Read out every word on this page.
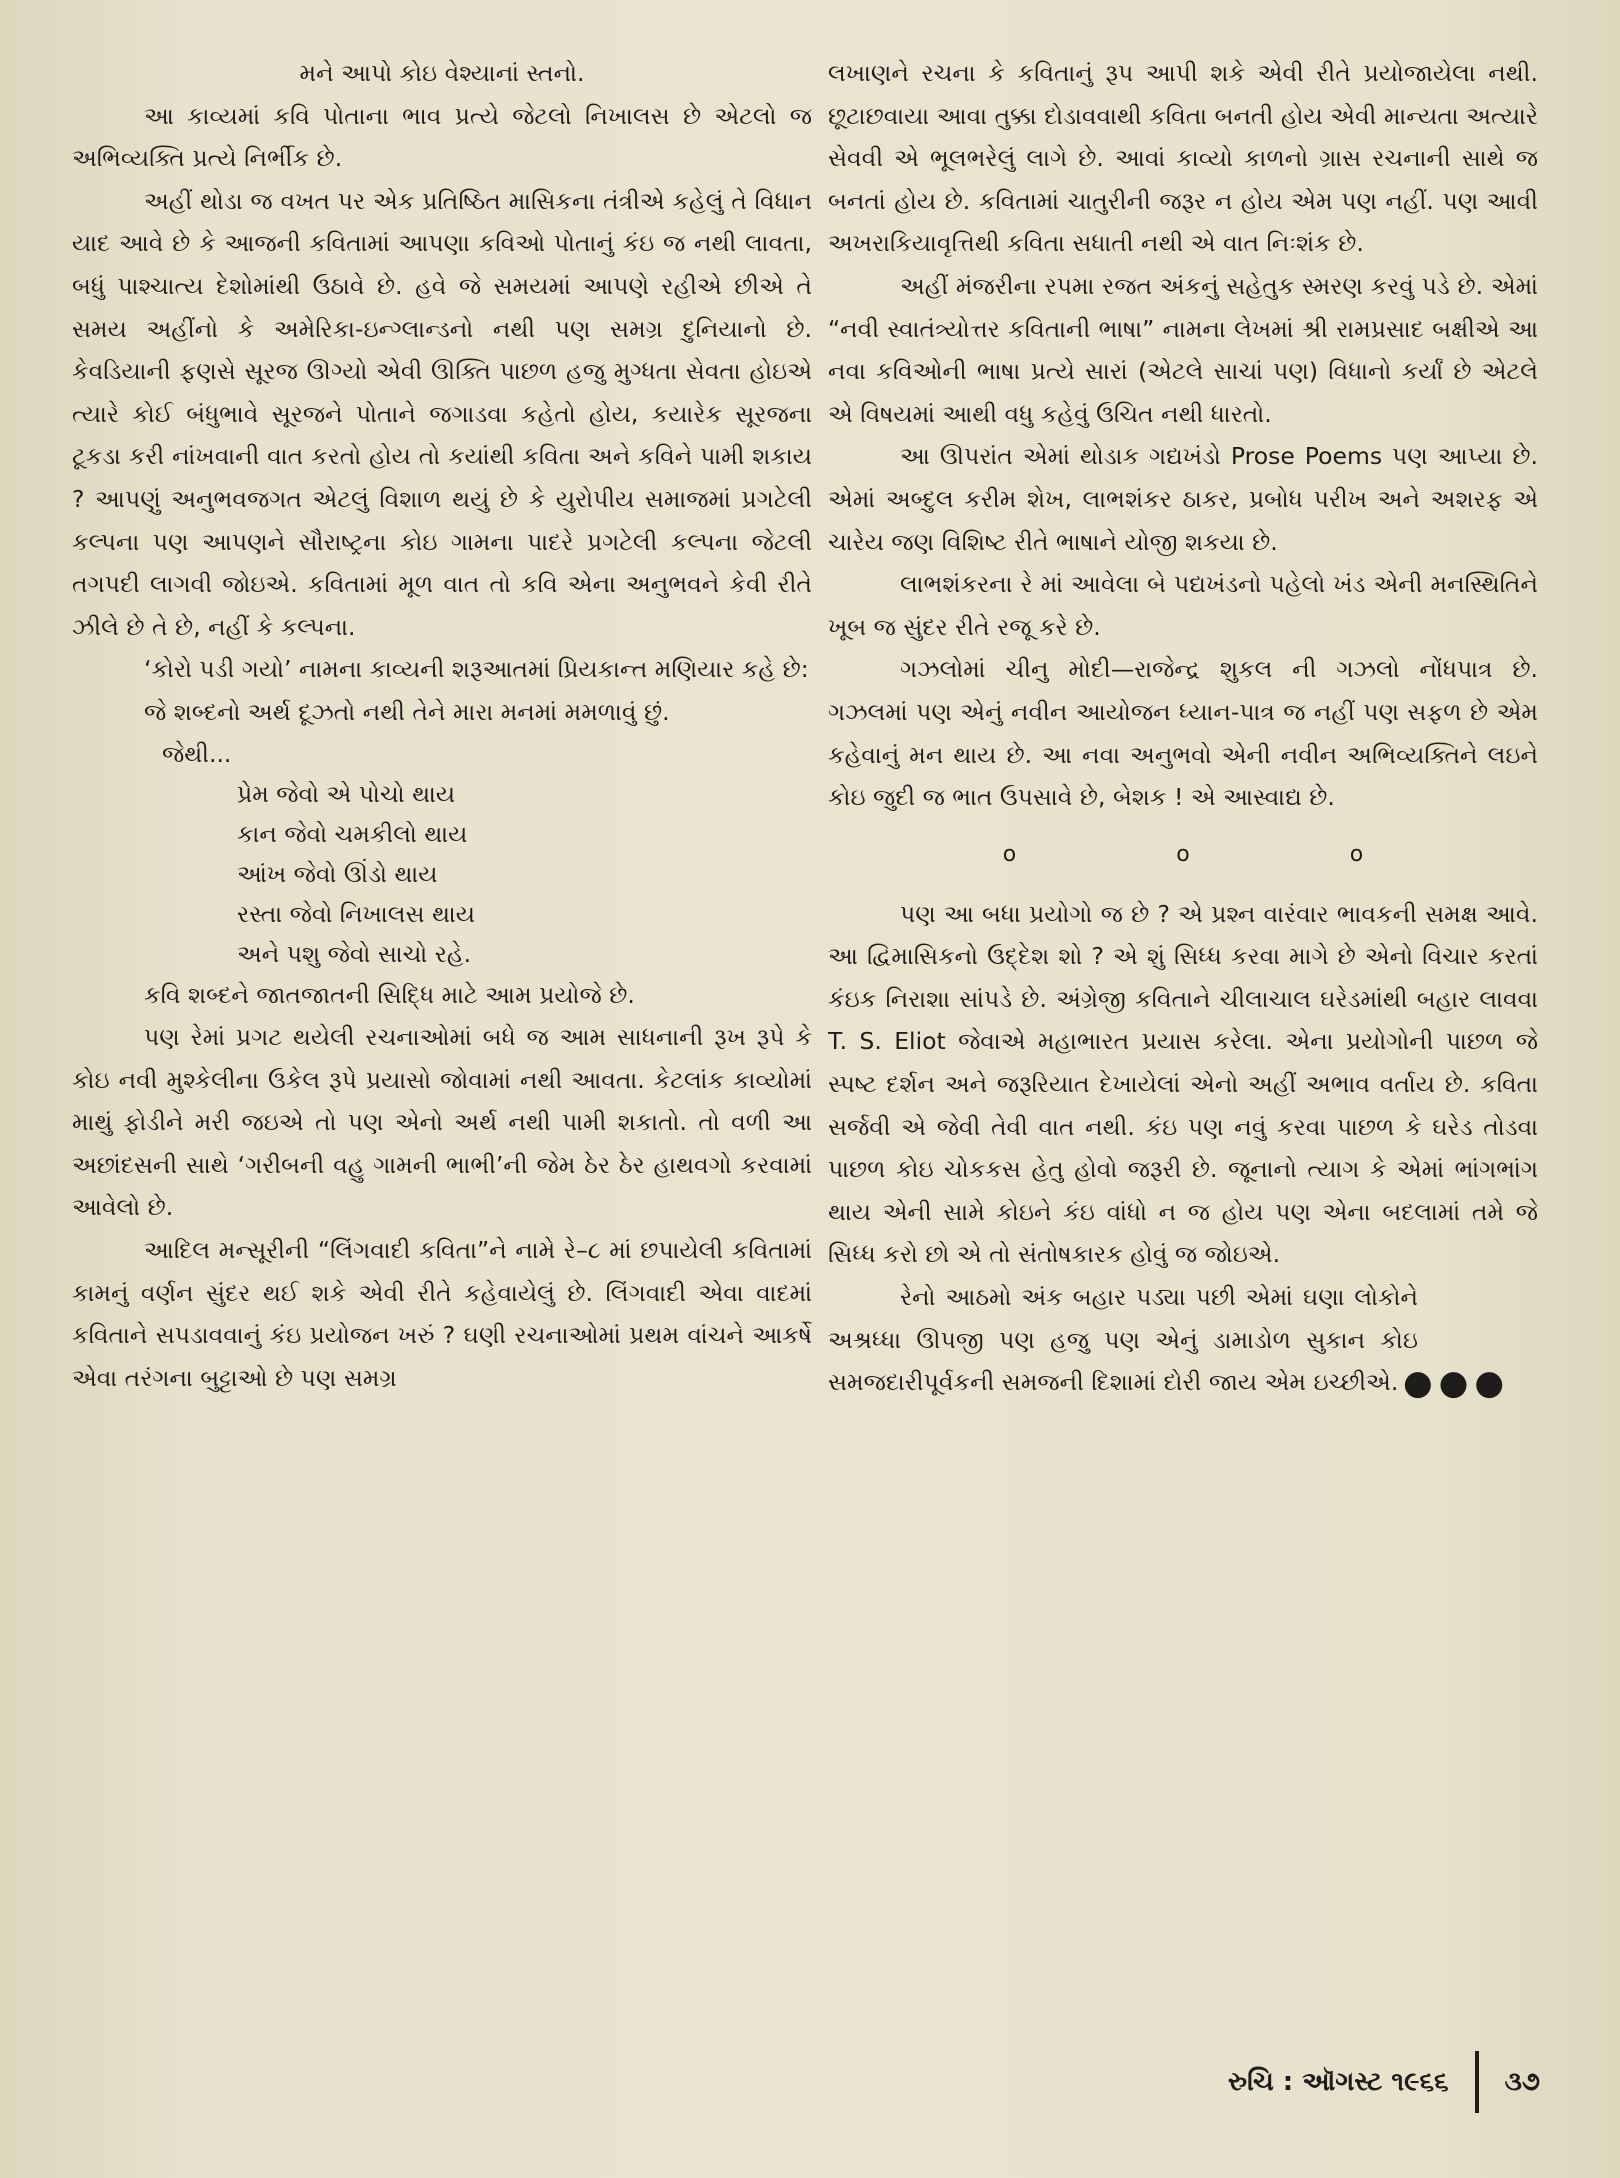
મને આપો કોઇ વેશ્યાનાં સ્તનો.

આ કાવ્યમાં કવિ પોતાના ભાવ પ્રત્યે જેટલો નિખાલસ છે એટલો જ અભિવ્યક્તિ પ્રત્યે નિર્ભીક છે.

અહીં થોડા જ વખત પર એક પ્રતિષ્ઠિત માસિકના તંત્રીએ કહેલું તે વિધાન યાદ આવે છે કે આજની કવિતામાં આપણા કવિઓ પોતાનું કંઇ જ નથી લાવતા, બધું પાશ્ચાત્ય દેશોમાંથી ઉઠાવે છે. હવે જે સમયમાં આપણે રહીએ છીએ તે સમય અહીંનો કે અમેરિકા-ઇન્ગ્લાન્ડનો નથી પણ સમગ્ર દુનિયાનો છે. કેવડિયાની ફણસે સૂરજ ઊગ્યો એવી ઊક્તિ પાછળ હજુ મુગ્ધતા સેવતા હોઇએ ત્યારે કોઈ બંધુભાવે સૂરજને પોતાને જગાડવા કહેતો હોય, કયારેક સૂરજના ટૂકડા કરી નાંખવાની વાત કરતો હોય તો કયાંથી કવિતા અને કવિને પામી શકાય ? આપણું અનુભવજગત એટલું વિશાળ થયું છે કે યુરોપીય સમાજમાં પ્રગટેલી કલ્પના પણ આપણને સૌરાષ્ટ્રના કોઇ ગામના પાદરે પ્રગટેલી કલ્પના જેટલી તગપદી લાગવી જોઇએ. કવિતામાં મૂળ વાત તો કવિ એના અનુભવને કેવી રીતે ઝીલે છે તે છે, નહીં કે કલ્પના.

‘કોરો પડી ગયો’ નામના કાવ્યની શરૂઆતમાં પ્રિયકાન્ત મણિયાર કહે છે:

જે શબ્દનો અર્થ દૂઝતો નથી તેને મારા મનમાં મમળાવું છું.

જેથી...

પ્રેમ જેવો એ પોચો થાય

કાન જેવો ચમકીલો થાય

આંખ જેવો ઊંડો થાય

રસ્તા જેવો નિખાલસ થાય

અને પશુ જેવો સાચો રહે.

કવિ શબ્દને જાતજાતની સિદ્ધિ માટે આમ પ્રયોજે છે.

પણ રેમાં પ્રગટ થયેલી રચનાઓમાં બધે જ આમ સાધનાની રૂખ રૂપે કે કોઇ નવી મુશ્કેલીના ઉકેલ રૂપે પ્રયાસો જોવામાં નથી આવતા. કેટલાંક કાવ્યોમાં માથું ફોડીને મરી જઇએ તો પણ એનો અર્થ નથી પામી શકાતો. તો વળી આ અછાંદસની સાથે ‘ગરીબની વહુ ગામની ભાભી’ની જેમ ઠેર ઠેર હાથવગો કરવામાં આવેલો છે.

આદિલ મન્સૂરીની “લિંગવાદી કવિતા”ને નામે રે–૮ માં છપાયેલી કવિતામાં કામનું વર્ણન સુંદર થઈ શકે એવી રીતે કહેવાયેલું છે. લિંગવાદી એવા વાદમાં કવિતાને સપડાવવાનું કંઇ પ્રયોજન ખરું ? ઘણી રચનાઓમાં પ્રથમ વાંચને આકર્ષે એવા તરંગના બુટ્ટાઓ છે પણ સમગ્ર

લખાણને રચના કે કવિતાનું રૂપ આપી શકે એવી રીતે પ્રયોજાયેલા નથી. છૂટાછવાયા આવા તુક્કા દોડાવવાથી કવિતા બનતી હોય એવી માન્યતા અત્યારે સેવવી એ ભૂલભરેલું લાગે છે. આવાં કાવ્યો કાળનો ગ્રાસ રચનાની સાથે જ બનતાં હોય છે. કવિતામાં ચાતુરીની જરૂર ન હોય એમ પણ નહીં. પણ આવી અખરાકિયાવૃત્તિથી કવિતા સધાતી નથી એ વાત નિઃશંક છે.

અહીં મંજરીના રપમા રજત અંકનું સહેતુક સ્મરણ કરવું પડે છે. એમાં “નવી સ્વાતંત્ર્યોત્તર કવિતાની ભાષા” નામના લેખમાં શ્રી રામપ્રસાદ બક્ષીએ આ નવા કવિઓની ભાષા પ્રત્યે સારાં (એટલે સાચાં પણ) વિધાનો કર્યાં છે એટલે એ વિષયમાં આથી વધુ કહેવું ઉચિત નથી ધારતો.

આ ઊપરાંત એમાં થોડાક ગદ્યખંડો Prose Poems પણ આપ્યા છે. એમાં અબ્દુલ કરીમ શેખ, લાભશંકર ઠાકર, પ્રબોધ પરીખ અને અશરફ એ ચારેય જણ વિશિષ્ટ રીતે ભાષાને યોજી શકયા છે.

લાભશંકરના રે માં આવેલા બે પદ્યખંડનો પહેલો ખંડ એની મનસ્થિતિને ખૂબ જ સુંદર રીતે રજૂ કરે છે.

ગઝલોમાં ચીનુ મોદી—રાજેન્દ્ર શુકલ ની ગઝલો નોંધપાત્ર છે. ગઝલમાં પણ એનું નવીન આયોજન ધ્યાન-પાત્ર જ નહીં પણ સફળ છે એમ કહેવાનું મન થાય છે. આ નવા અનુભવો એની નવીન અભિવ્યક્તિને લઇને કોઇ જુદી જ ભાત ઉપસાવે છે, બેશક ! એ આસ્વાદ્ય છે.

o	o	o

પણ આ બધા પ્રયોગો જ છે ? એ પ્રશ્ન વારંવાર ભાવકની સમક્ષ આવે. આ દ્વિમાસિકનો ઉદ્દેશ શો ? એ શું સિધ્ધ કરવા માગે છે એનો વિચાર કરતાં કંઇક નિરાશા સાંપડે છે. અંગ્રેજી કવિતાને ચીલાચાલ ઘરેડમાંથી બહાર લાવવા T. S. Eliot જેવાએ મહાભારત પ્રયાસ કરેલા. એના પ્રયોગોની પાછળ જે સ્પષ્ટ દર્શન અને જરૂરિયાત દેખાયેલાં એનો અહીં અભાવ વર્તાય છે. કવિતા સર્જવી એ જેવી તેવી વાત નથી. કંઇ પણ નવું કરવા પાછળ કે ઘરેડ તોડવા પાછળ કોઇ ચોકકસ હેતુ હોવો જરૂરી છે. જૂનાનો ત્યાગ કે એમાં ભાંગભાંગ થાય એની સામે કોઇને કંઇ વાંધો ન જ હોય પણ એના બદલામાં તમે જે સિધ્ધ કરો છો એ તો સંતોષકારક હોવું જ જોઇએ.

રેનો આઠમો અંક બહાર પડ્યા પછી એમાં ઘણા લોકોને અશ્રધ્ધા ઊપજી પણ હજુ પણ એનું ડામાડોળ સુકાન કોઇ સમજદારીપૂર્વકની સમજની દિશામાં દોરી જાય એમ ઇચ્છીએ. ●●●
રુચિ : ઑગસ્ટ ૧૯૬૬ ૩૭
